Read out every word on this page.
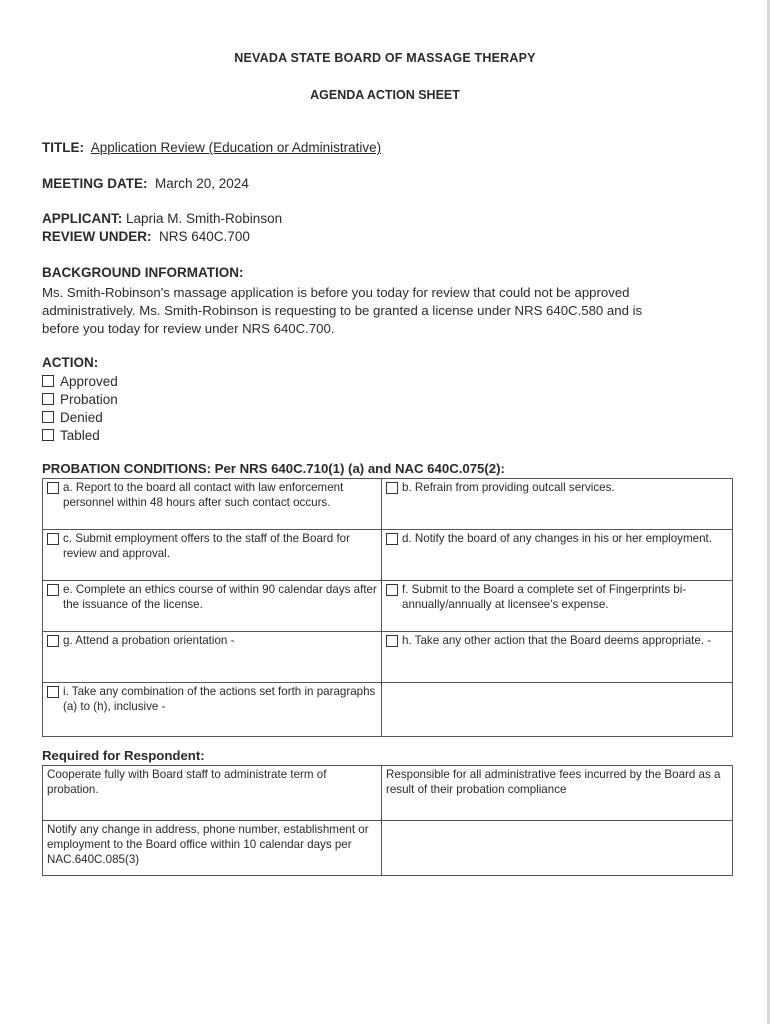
NEVADA STATE BOARD OF MASSAGE THERAPY
AGENDA ACTION SHEET
TITLE: Application Review (Education or Administrative)
MEETING DATE: March 20, 2024
APPLICANT: Lapria M. Smith-Robinson
REVIEW UNDER: NRS 640C.700
BACKGROUND INFORMATION:
Ms. Smith-Robinson's massage application is before you today for review that could not be approved
administratively. Ms. Smith-Robinson is requesting to be granted a license under NRS 640C.580 and is
before you today for review under NRS 640C.700.
ACTION:
Approved
Probation
Denied
Tabled
PROBATION CONDITIONS: Per NRS 640C.710(1) (a) and NAC 640C.075(2):
a. Report to the board all contact with law enforcement personnel within 48 hours after such contact occurs.	b. Refrain from providing outcall services.

c. Submit employment offers to the staff of the Board for review and approval.	d. Notify the board of any changes in his or her employment.

e. Complete an ethics course of within 90 calendar days after the issuance of the license.	f. Submit to the Board a complete set of Fingerprints bi-annually/annually at licensee's expense.

g. Attend a probation orientation -	h. Take any other action that the Board deems appropriate. -

i. Take any combination of the actions set forth in paragraphs (a) to (h), inclusive -	

Required for Respondent:
Cooperate fully with Board staff to administrate term of probation.	Responsible for all administrative fees incurred by the Board as a result of their probation compliance
Notify any change in address, phone number, establishment or employment to the Board office within 10 calendar days per NAC.640C.085(3)	
